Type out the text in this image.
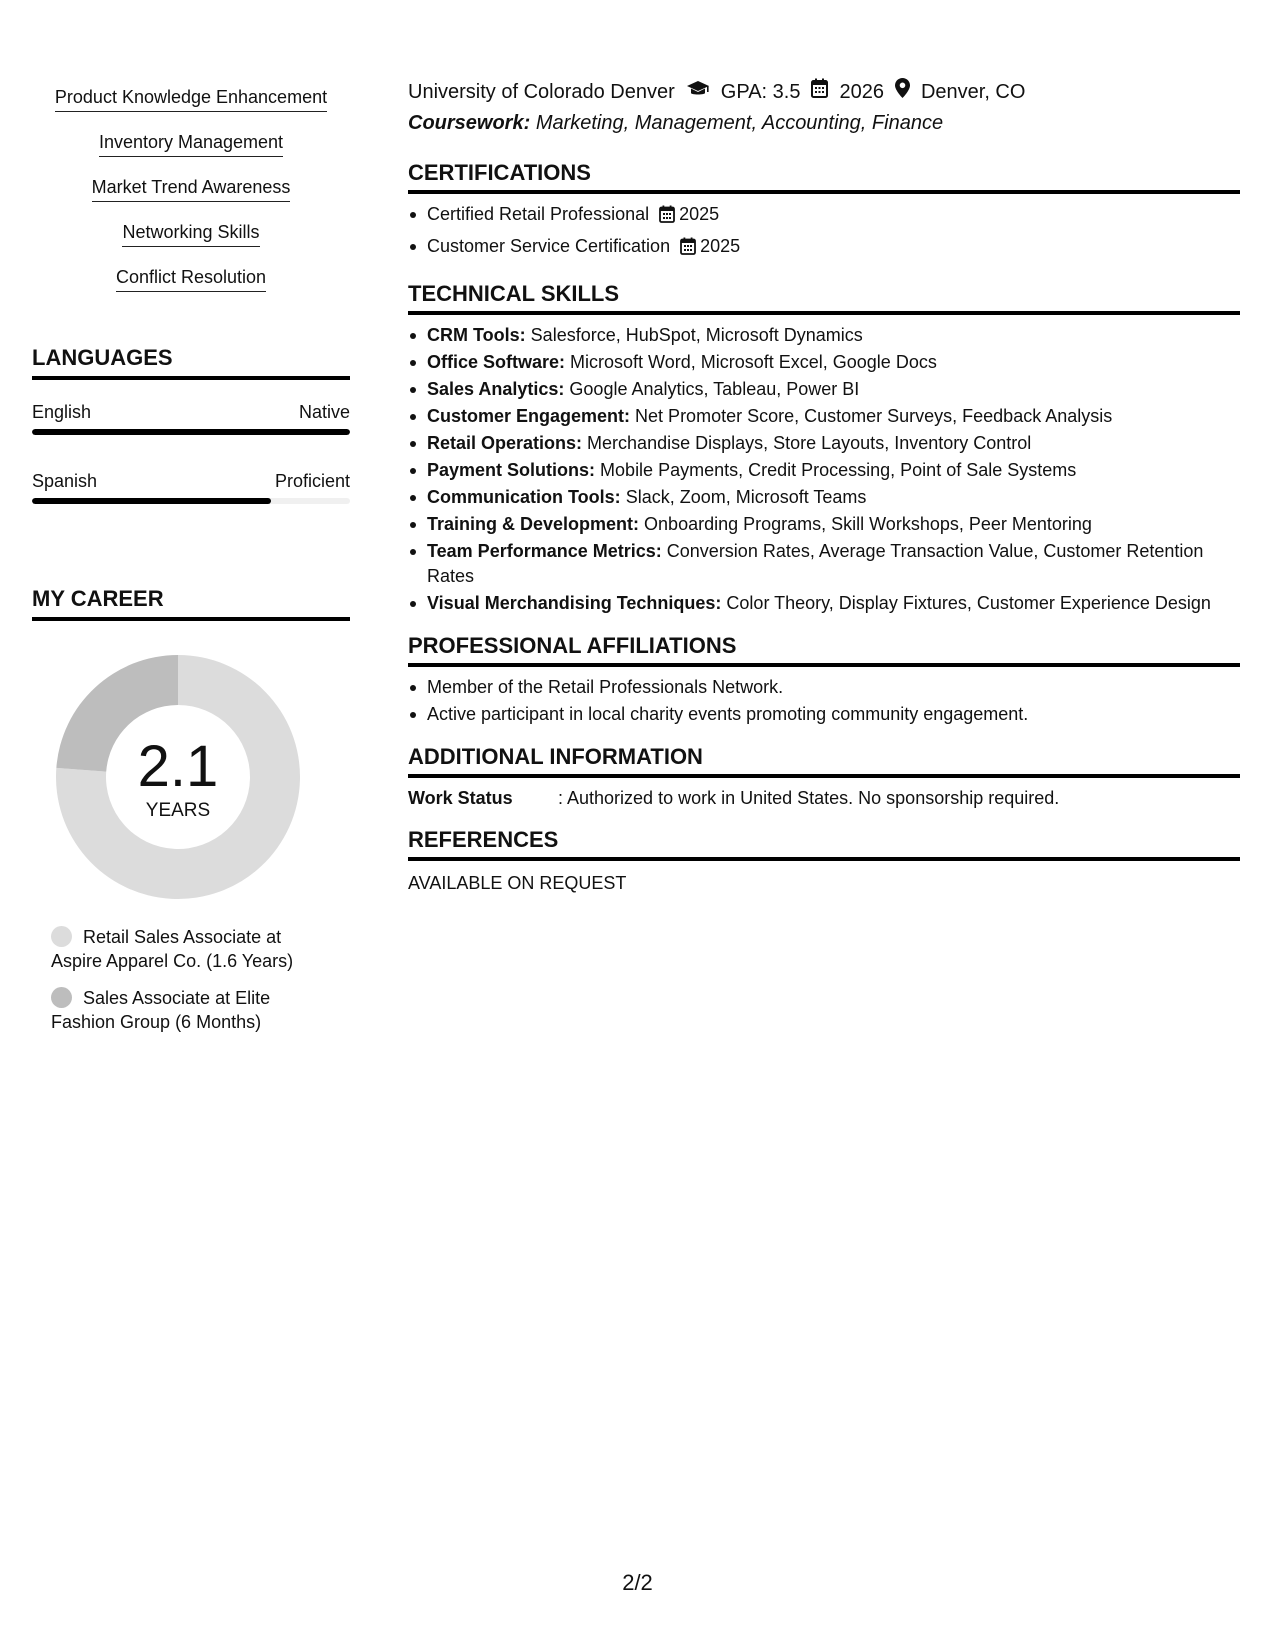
Product Knowledge Enhancement
Inventory Management
Market Trend Awareness
Networking Skills
Conflict Resolution
LANGUAGES
English	Native
Spanish	Proficient
MY CAREER
2.1
YEARS
Retail Sales Associate at Aspire Apparel Co. (1.6 Years)
Sales Associate at Elite Fashion Group (6 Months)
University of Colorado Denver GPA: 3.5 2026 Denver, CO
Coursework: Marketing, Management, Accounting, Finance
CERTIFICATIONS
Certified Retail Professional 2025
Customer Service Certification 2025
TECHNICAL SKILLS
CRM Tools: Salesforce, HubSpot, Microsoft Dynamics
Office Software: Microsoft Word, Microsoft Excel, Google Docs
Sales Analytics: Google Analytics, Tableau, Power BI
Customer Engagement: Net Promoter Score, Customer Surveys, Feedback Analysis
Retail Operations: Merchandise Displays, Store Layouts, Inventory Control
Payment Solutions: Mobile Payments, Credit Processing, Point of Sale Systems
Communication Tools: Slack, Zoom, Microsoft Teams
Training & Development: Onboarding Programs, Skill Workshops, Peer Mentoring
Team Performance Metrics: Conversion Rates, Average Transaction Value, Customer Retention Rates
Visual Merchandising Techniques: Color Theory, Display Fixtures, Customer Experience Design
PROFESSIONAL AFFILIATIONS
Member of the Retail Professionals Network.
Active participant in local charity events promoting community engagement.
ADDITIONAL INFORMATION
Work Status	: Authorized to work in United States. No sponsorship required.
REFERENCES
AVAILABLE ON REQUEST
2/2
